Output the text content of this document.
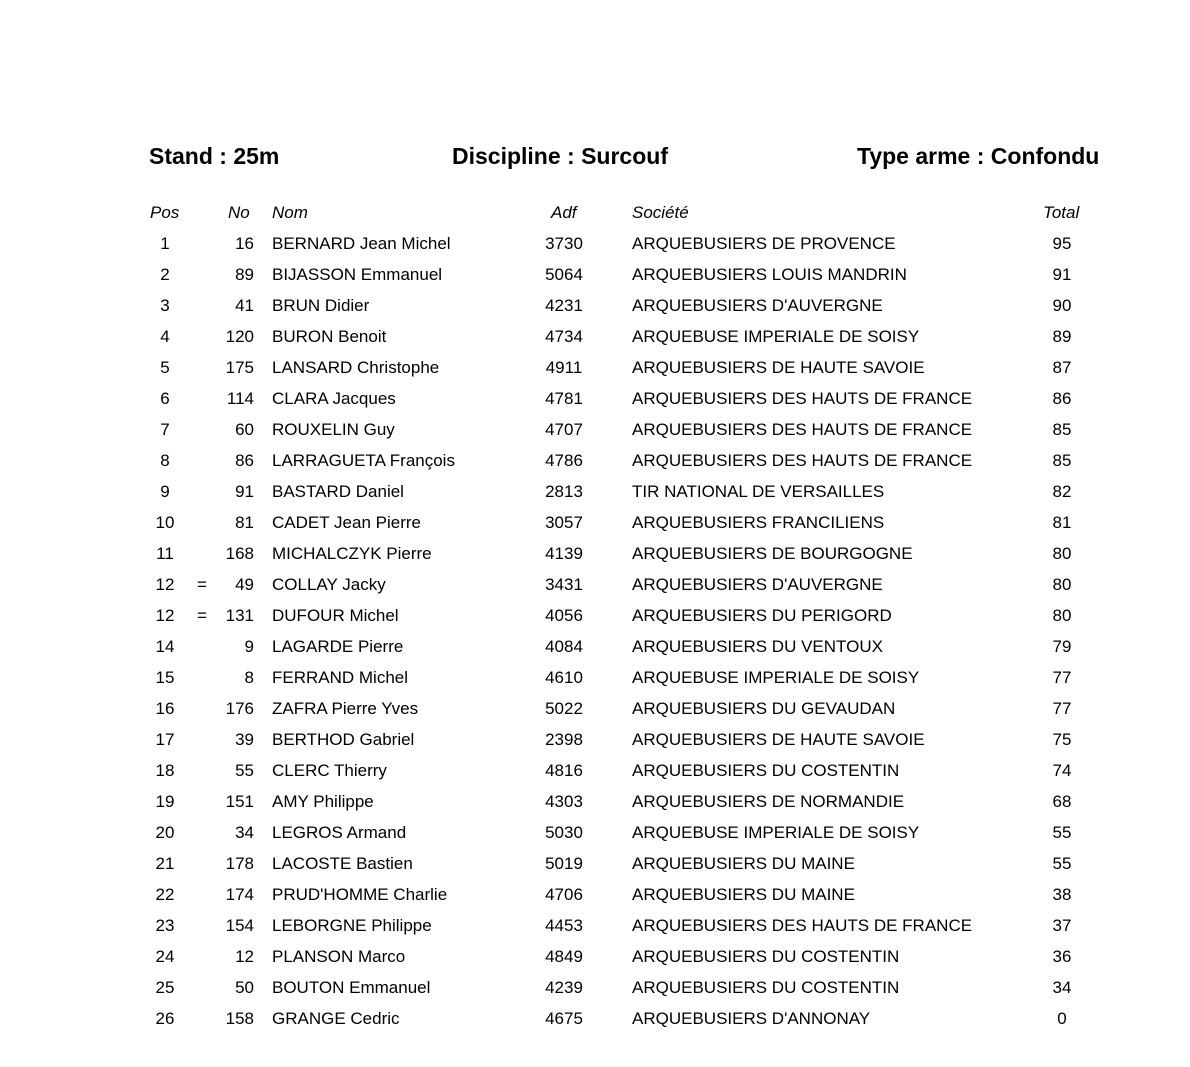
Stand : 25m	Discipline : Surcouf	Type arme : Confondu
Pos	No Nom	Adf	Société	Total
1	16 BERNARD Jean Michel	3730	ARQUEBUSIERS DE PROVENCE	95
2	89 BIJASSON Emmanuel	5064	ARQUEBUSIERS LOUIS MANDRIN	91
3	41 BRUN Didier	4231	ARQUEBUSIERS D'AUVERGNE	90
4	120 BURON Benoit	4734	ARQUEBUSE IMPERIALE DE SOISY	89
5	175 LANSARD Christophe	4911	ARQUEBUSIERS DE HAUTE SAVOIE	87
6	114 CLARA Jacques	4781	ARQUEBUSIERS DES HAUTS DE FRANCE	86
7	60 ROUXELIN Guy	4707	ARQUEBUSIERS DES HAUTS DE FRANCE	85
8	86 LARRAGUETA François	4786	ARQUEBUSIERS DES HAUTS DE FRANCE	85
9	91 BASTARD Daniel	2813	TIR NATIONAL DE VERSAILLES	82
10	81 CADET Jean Pierre	3057	ARQUEBUSIERS FRANCILIENS	81
11	168 MICHALCZYK Pierre	4139	ARQUEBUSIERS DE BOURGOGNE	80
12	=	49 COLLAY Jacky	3431	ARQUEBUSIERS D'AUVERGNE	80
12	=	131 DUFOUR Michel	4056	ARQUEBUSIERS DU PERIGORD	80
14	9 LAGARDE Pierre	4084	ARQUEBUSIERS DU VENTOUX	79
15	8 FERRAND Michel	4610	ARQUEBUSE IMPERIALE DE SOISY	77
16	176 ZAFRA Pierre Yves	5022	ARQUEBUSIERS DU GEVAUDAN	77
17	39 BERTHOD Gabriel	2398	ARQUEBUSIERS DE HAUTE SAVOIE	75
18	55 CLERC Thierry	4816	ARQUEBUSIERS DU COSTENTIN	74
19	151 AMY Philippe	4303	ARQUEBUSIERS DE NORMANDIE	68
20	34 LEGROS Armand	5030	ARQUEBUSE IMPERIALE DE SOISY	55
21	178 LACOSTE Bastien	5019	ARQUEBUSIERS DU MAINE	55
22	174 PRUD'HOMME Charlie	4706	ARQUEBUSIERS DU MAINE	38
23	154 LEBORGNE Philippe	4453	ARQUEBUSIERS DES HAUTS DE FRANCE	37
24	12 PLANSON Marco	4849	ARQUEBUSIERS DU COSTENTIN	36
25	50 BOUTON Emmanuel	4239	ARQUEBUSIERS DU COSTENTIN	34
26	158 GRANGE Cedric	4675	ARQUEBUSIERS D'ANNONAY	0
